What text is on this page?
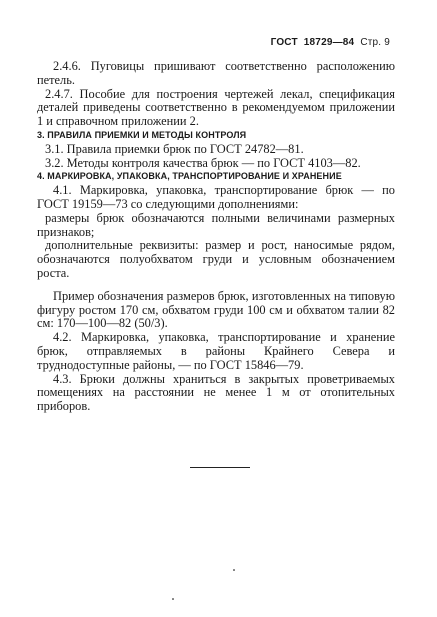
ГОСТ 18729—84 Стр. 9

2.4.6. Пуговицы пришивают соответственно расположению петель.

2.4.7. Пособие для построения чертежей лекал, спецификация деталей приведены соответственно в рекомендуемом приложении 1 и справочном приложении 2.

3. ПРАВИЛА ПРИЕМКИ И МЕТОДЫ КОНТРОЛЯ

3.1. Правила приемки брюк по ГОСТ 24782—81.

3.2. Методы контроля качества брюк — по ГОСТ 4103—82.

4. МАРКИРОВКА, УПАКОВКА, ТРАНСПОРТИРОВАНИЕ И ХРАНЕНИЕ

4.1. Маркировка, упаковка, транспортирование брюк — по ГОСТ 19159—73 со следующими дополнениями:

размеры брюк обозначаются полными величинами размерных признаков;

дополнительные реквизиты: размер и рост, наносимые рядом, обозначаются полуобхватом груди и условным обозначением роста.

Пример обозначения размеров брюк, изготовленных на типовую фигуру ростом 170 см, обхватом груди 100 см и обхватом талии 82 см: 170—100—82 (50/3).

4.2. Маркировка, упаковка, транспортирование и хранение брюк, отправляемых в районы Крайнего Севера и труднодоступные районы, — по ГОСТ 15846—79.

4.3. Брюки должны храниться в закрытых проветриваемых помещениях на расстоянии не менее 1 м от отопительных приборов.
